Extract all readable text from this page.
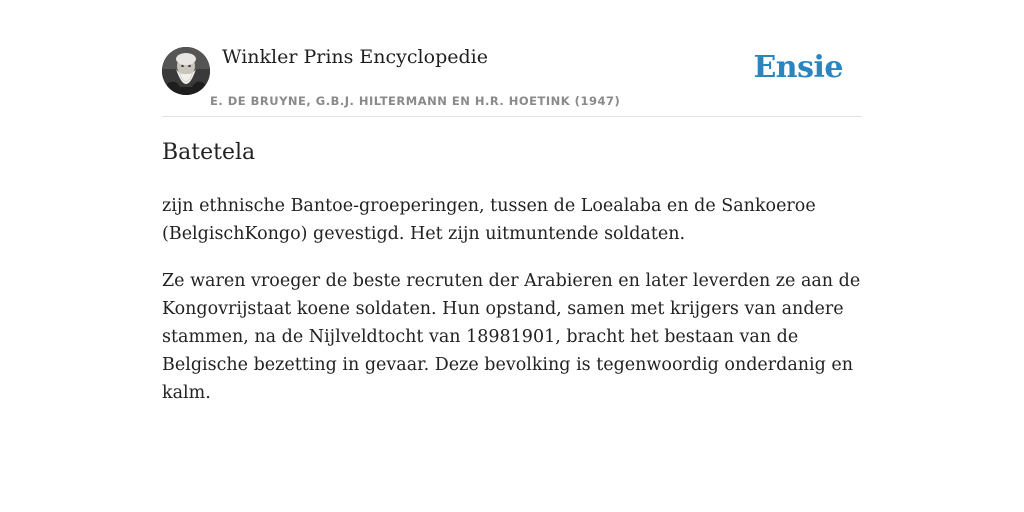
Winkler Prins Encyclopedie
E. DE BRUYNE, G.B.J. HILTERMANN EN H.R. HOETINK (1947)
Ensie
Batetela

zijn ethnische Bantoe-groeperingen, tussen de Loealaba en de Sankoeroe (BelgischKongo) gevestigd. Het zijn uitmuntende soldaten.

Ze waren vroeger de beste recruten der Arabieren en later leverden ze aan de Kongovrijstaat koene soldaten. Hun opstand, samen met krijgers van andere stammen, na de Nijlveldtocht van 18981901, bracht het bestaan van de Belgische bezetting in gevaar. Deze bevolking is tegenwoordig onderdanig en kalm.
